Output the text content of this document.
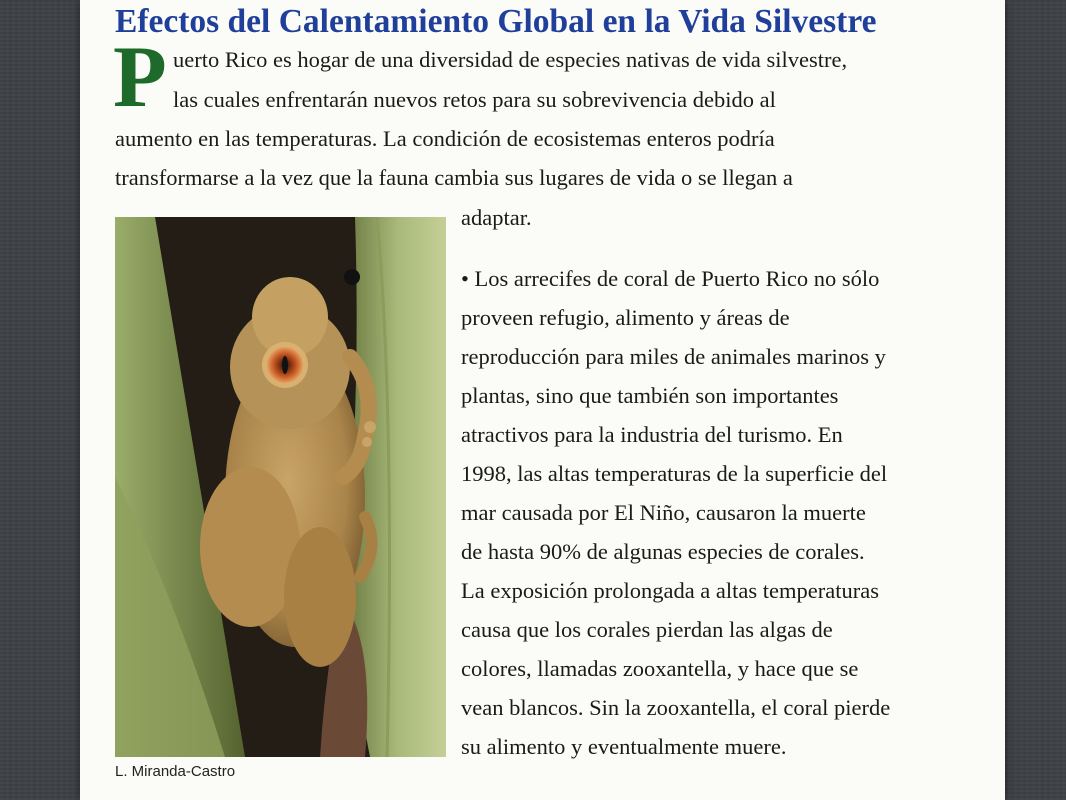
Efectos del Calentamiento Global en la Vida Silvestre
P uerto Rico es hogar de una diversidad de especies nativas de vida silvestre,
las cuales enfrentarán nuevos retos para su sobrevivencia debido al
aumento en las temperaturas. La condición de ecosistemas enteros podría
transformarse a la vez que la fauna cambia sus lugares de vida o se llegan a
adaptar.
L. Miranda-Castro
• Los arrecifes de coral de Puerto Rico no sólo
proveen refugio, alimento y áreas de
reproducción para miles de animales marinos y
plantas, sino que también son importantes
atractivos para la industria del turismo. En
1998, las altas temperaturas de la superficie del
mar causada por El Niño, causaron la muerte
de hasta 90% de algunas especies de corales.
La exposición prolongada a altas temperaturas
causa que los corales pierdan las algas de
colores, llamadas zooxantella, y hace que se
vean blancos. Sin la zooxantella, el coral pierde
su alimento y eventualmente muere.
